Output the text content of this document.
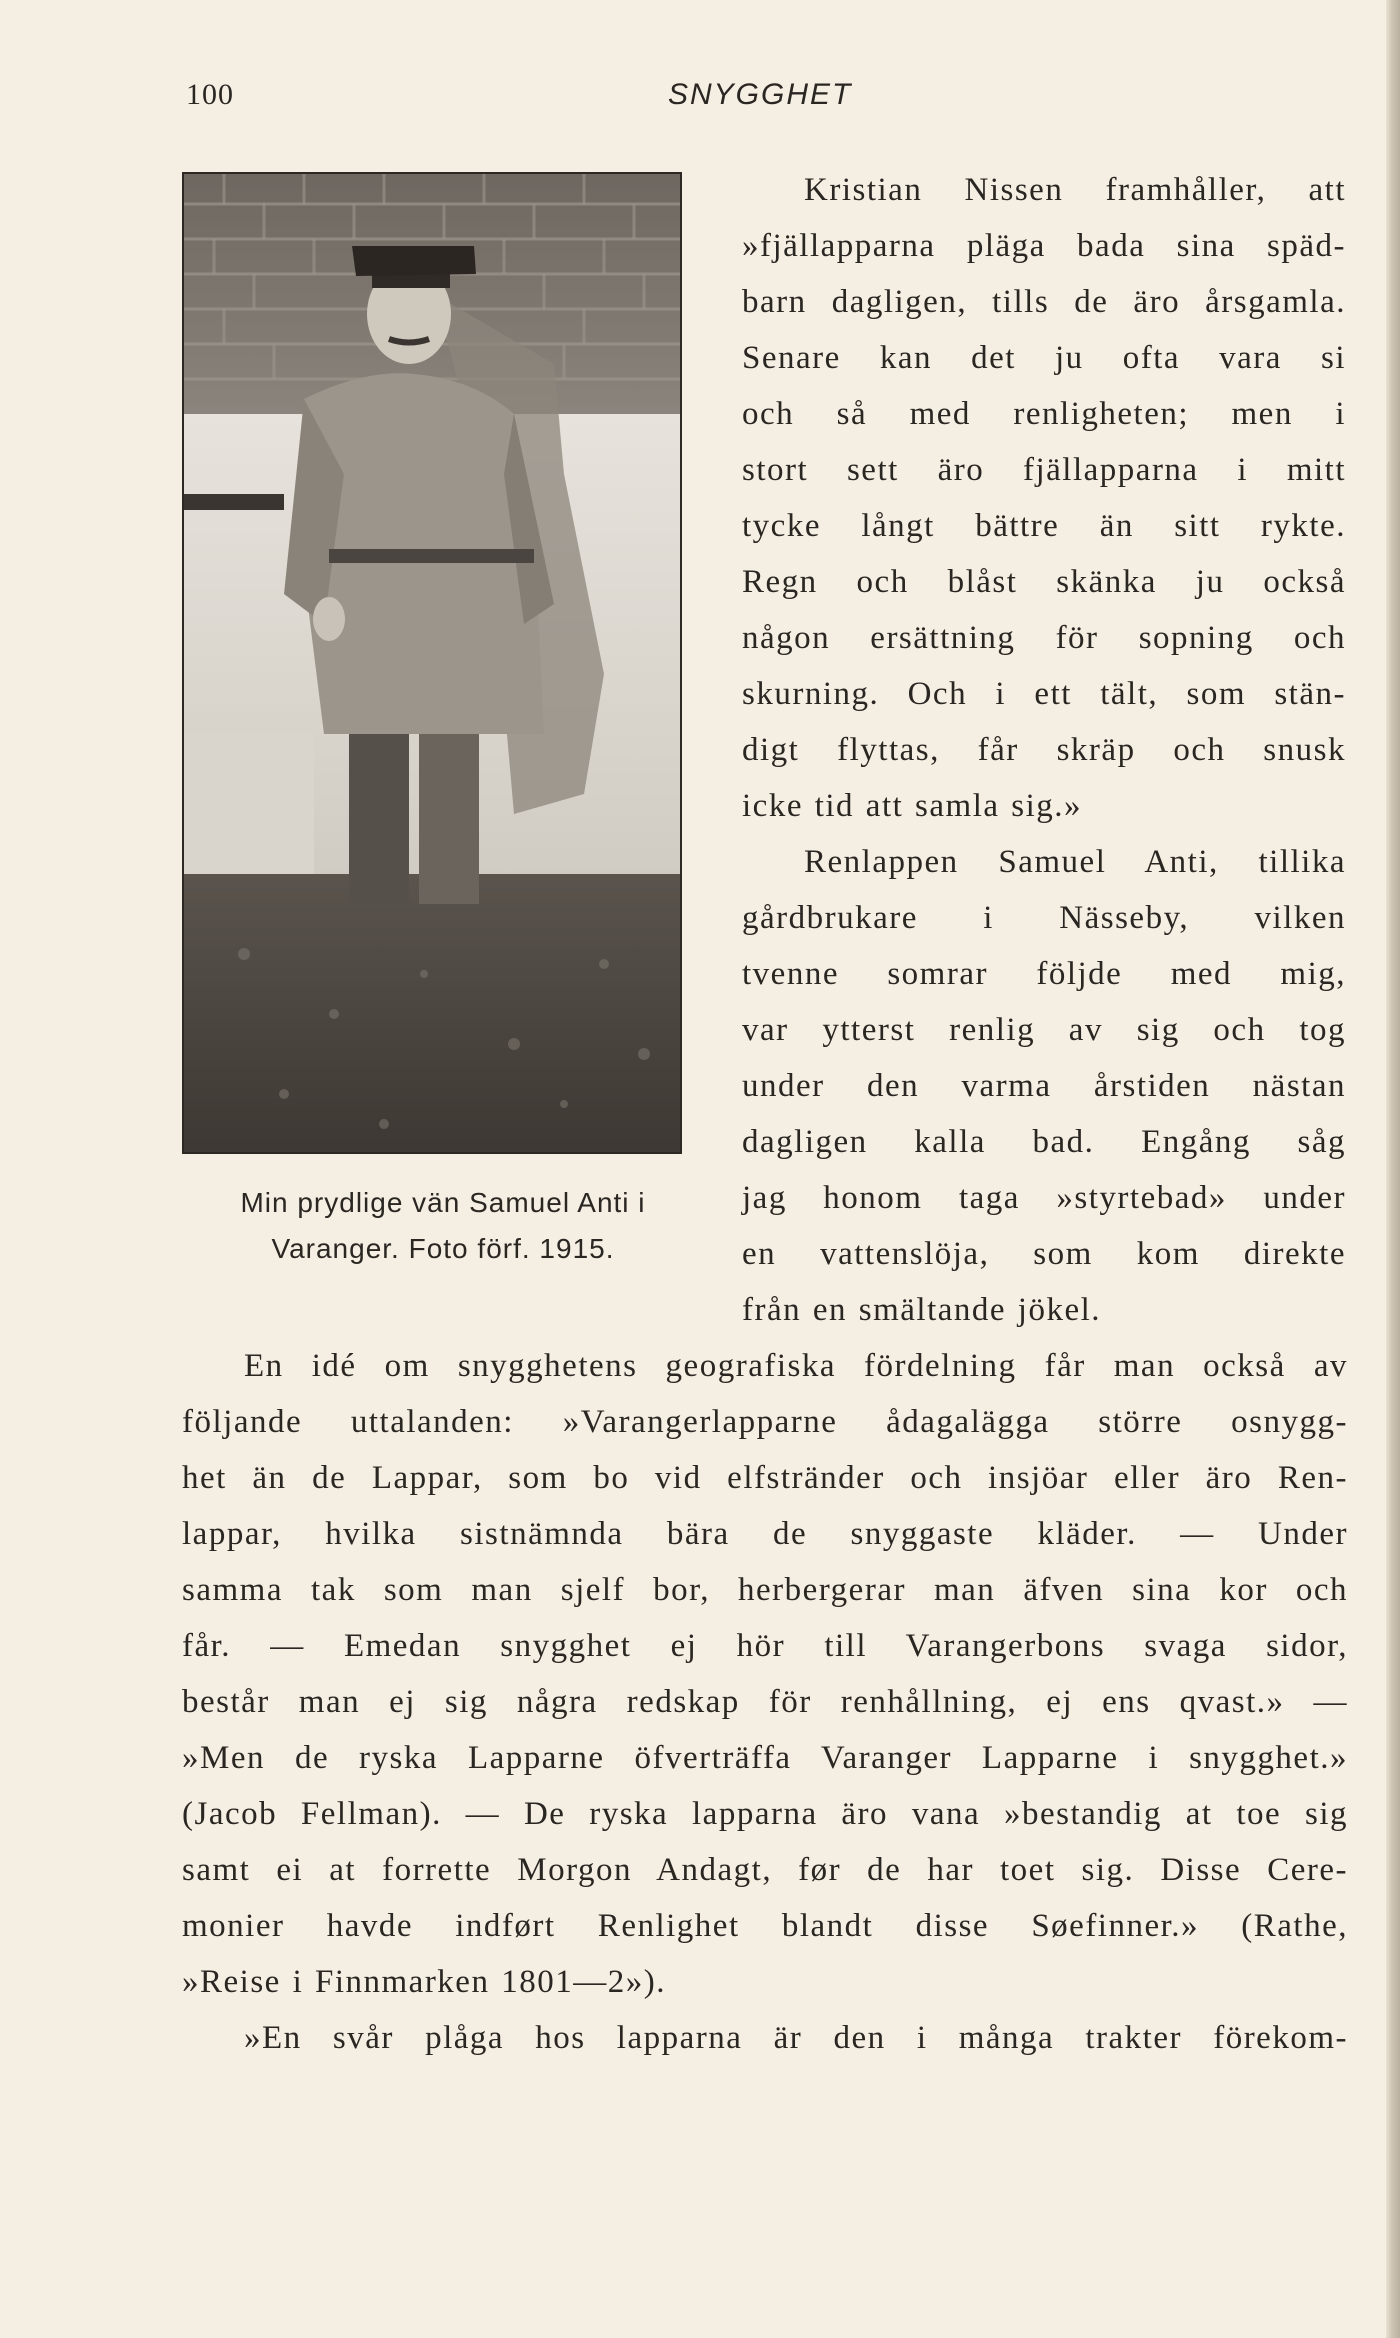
100	SNYGGHET
Min prydlige vän Samuel Anti i
Varanger. Foto förf. 1915.
Kristian Nissen framhåller, att
»fjällapparna pläga bada sina späd-
barn dagligen, tills de äro årsgamla.
Senare kan det ju ofta vara si
och så med renligheten; men i
stort sett äro fjällapparna i mitt
tycke långt bättre än sitt rykte.
Regn och blåst skänka ju också
någon ersättning för sopning och
skurning. Och i ett tält, som stän-
digt flyttas, får skräp och snusk
icke tid att samla sig.»
Renlappen Samuel Anti, tillika
gårdbrukare i Nässeby, vilken
tvenne somrar följde med mig,
var ytterst renlig av sig och tog
under den varma årstiden nästan
dagligen kalla bad. Engång såg
jag honom taga »styrtebad» under
en vattenslöja, som kom direkte
från en smältande jökel.
En idé om snygghetens geografiska fördelning får man också av
följande uttalanden: »Varangerlapparne ådagalägga större osnygg-
het än de Lappar, som bo vid elfstränder och insjöar eller äro Ren-
lappar, hvilka sistnämnda bära de snyggaste kläder. — Under
samma tak som man sjelf bor, herbergerar man äfven sina kor och
får. — Emedan snygghet ej hör till Varangerbons svaga sidor,
består man ej sig några redskap för renhållning, ej ens qvast.» —
»Men de ryska Lapparne öfverträffa Varanger Lapparne i snygghet.»
(Jacob Fellman). — De ryska lapparna äro vana »bestandig at toe sig
samt ei at forrette Morgon Andagt, før de har toet sig. Disse Cere-
monier havde indført Renlighet blandt disse Søefinner.» (Rathe,
»Reise i Finnmarken 1801—2»).
»En svår plåga hos lapparna är den i många trakter förekom-
